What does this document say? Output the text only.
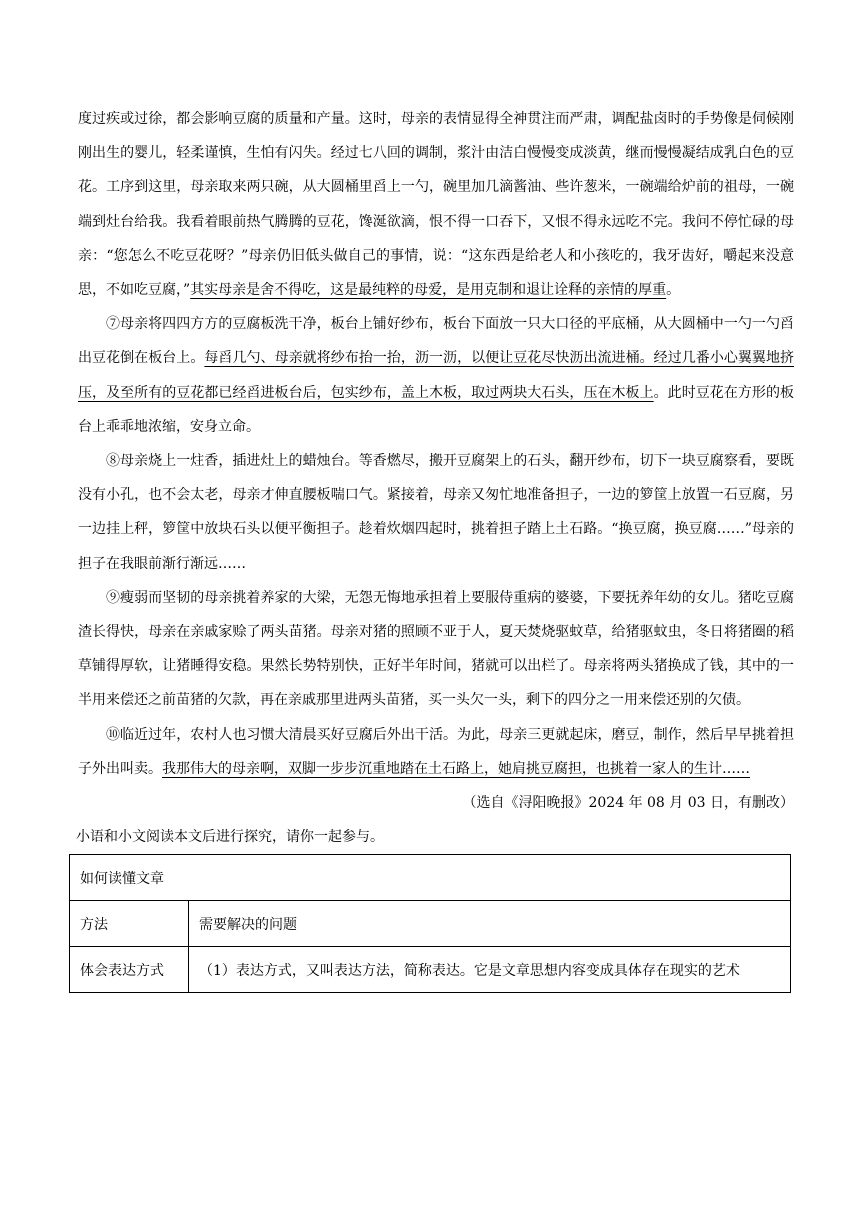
度过疾或过徐，都会影响豆腐的质量和产量。这时，母亲的表情显得全神贯注而严肃，调配盐卤时的手势像是伺候刚刚出生的婴儿，轻柔谨慎，生怕有闪失。经过七八回的调制，浆汁由洁白慢慢变成淡黄，继而慢慢凝结成乳白色的豆花。工序到这里，母亲取来两只碗，从大圆桶里舀上一勺，碗里加几滴酱油、些许葱米，一碗端给炉前的祖母，一碗端到灶台给我。我看着眼前热气腾腾的豆花，馋涎欲滴，恨不得一口吞下，又恨不得永远吃不完。我问不停忙碌的母亲：“您怎么不吃豆花呀？”母亲仍旧低头做自己的事情，说：“这东西是给老人和小孩吃的，我牙齿好，嚼起来没意思，不如吃豆腐，”其实母亲是舍不得吃，这是最纯粹的母爱，是用克制和退让诠释的亲情的厚重。

⑦母亲将四四方方的豆腐板洗干净，板台上铺好纱布，板台下面放一只大口径的平底桶，从大圆桶中一勺一勺舀出豆花倒在板台上。每舀几勺、母亲就将纱布抬一抬，沥一沥，以便让豆花尽快沥出流进桶。经过几番小心翼翼地挤压，及至所有的豆花都已经舀进板台后，包实纱布，盖上木板，取过两块大石头，压在木板上。此时豆花在方形的板台上乖乖地浓缩，安身立命。

⑧母亲烧上一炷香，插进灶上的蜡烛台。等香燃尽，搬开豆腐架上的石头，翻开纱布，切下一块豆腐察看，要既没有小孔，也不会太老，母亲才伸直腰板喘口气。紧接着，母亲又匆忙地准备担子，一边的箩筐上放置一石豆腐，另一边挂上秤，箩筐中放块石头以便平衡担子。趁着炊烟四起时，挑着担子踏上土石路。“换豆腐，换豆腐……”母亲的担子在我眼前渐行渐远……

⑨瘦弱而坚韧的母亲挑着养家的大梁，无怨无悔地承担着上要服侍重病的婆婆，下要抚养年幼的女儿。猪吃豆腐渣长得快，母亲在亲戚家赊了两头苗猪。母亲对猪的照顾不亚于人，夏天焚烧驱蚊草，给猪驱蚊虫，冬日将猪圈的稻草铺得厚软，让猪睡得安稳。果然长势特别快，正好半年时间，猪就可以出栏了。母亲将两头猪换成了钱，其中的一半用来偿还之前苗猪的欠款，再在亲戚那里进两头苗猪，买一头欠一头，剩下的四分之一用来偿还别的欠债。

⑩临近过年，农村人也习惯大清晨买好豆腐后外出干活。为此，母亲三更就起床，磨豆，制作，然后早早挑着担子外出叫卖。我那伟大的母亲啊，双脚一步步沉重地踏在土石路上，她肩挑豆腐担，也挑着一家人的生计……

（选自《浔阳晚报》2024 年 08 月 03 日，有删改）

小语和小文阅读本文后进行探究，请你一起参与。

如何读懂文章	
方法	需要解决的问题
体会表达方式	（1）表达方式，又叫表达方法，简称表达。它是文章思想内容变成具体存在现实的艺术
